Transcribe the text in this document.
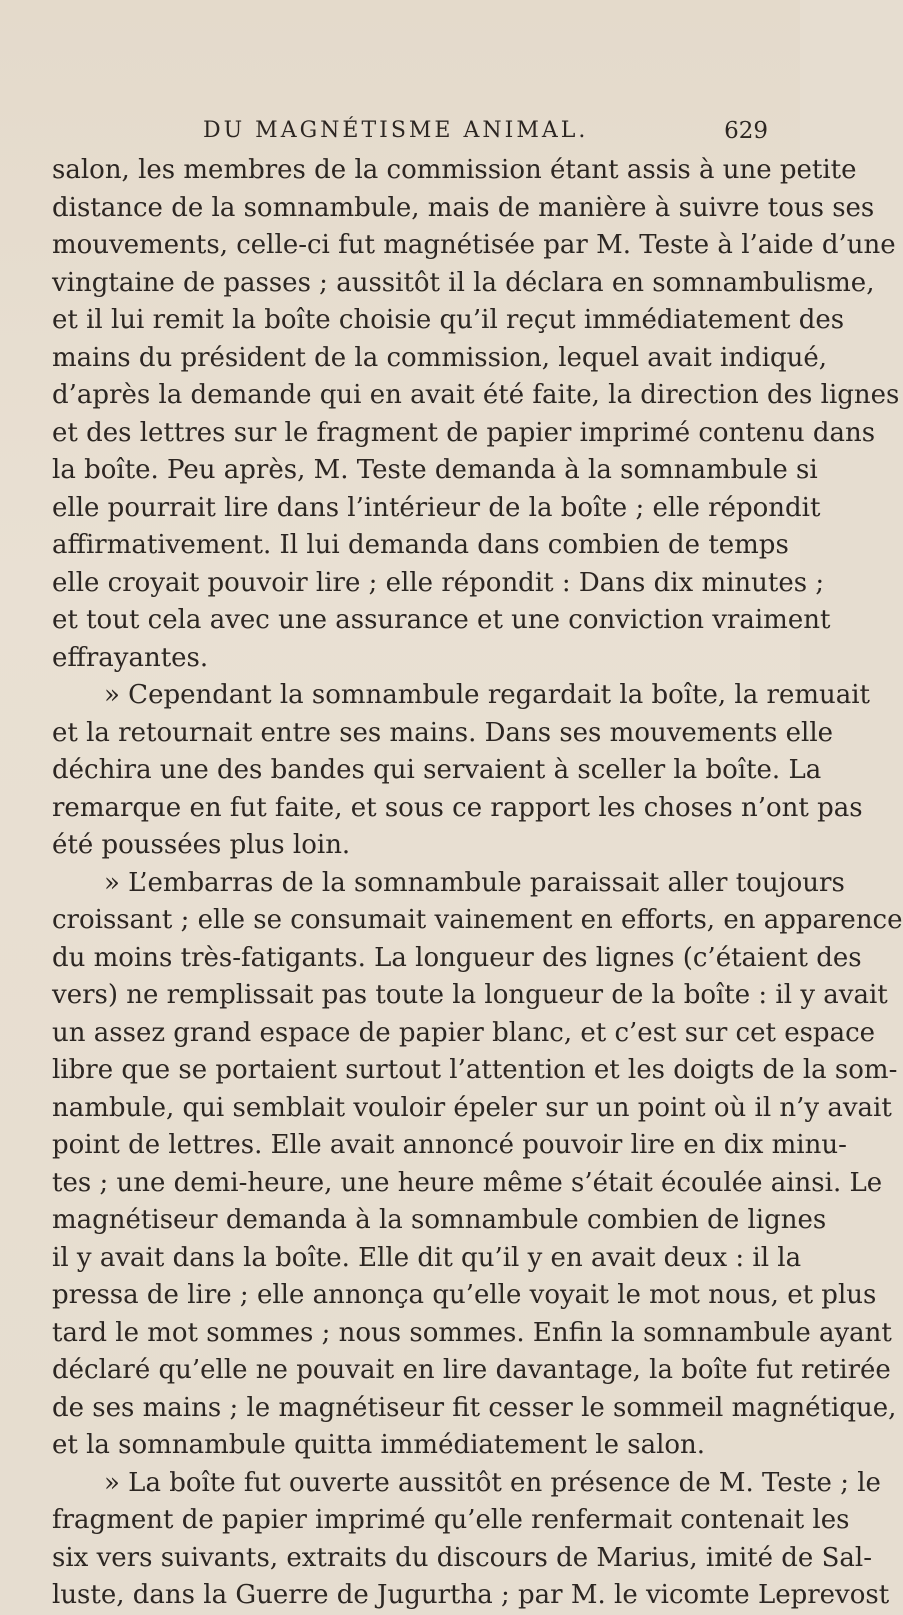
DU MAGNÉTISME ANIMAL.	629
salon, les membres de la commission étant assis à une petite
distance de la somnambule, mais de manière à suivre tous ses
mouvements, celle-ci fut magnétisée par M. Teste à l’aide d’une
vingtaine de passes ; aussitôt il la déclara en somnambulisme,
et il lui remit la boîte choisie qu’il reçut immédiatement des
mains du président de la commission, lequel avait indiqué,
d’après la demande qui en avait été faite, la direction des lignes
et des lettres sur le fragment de papier imprimé contenu dans
la boîte. Peu après, M. Teste demanda à la somnambule si
elle pourrait lire dans l’intérieur de la boîte ; elle répondit
affirmativement. Il lui demanda dans combien de temps
elle croyait pouvoir lire ; elle répondit : Dans dix minutes ;
et tout cela avec une assurance et une conviction vraiment
effrayantes.
» Cependant la somnambule regardait la boîte, la remuait
et la retournait entre ses mains. Dans ses mouvements elle
déchira une des bandes qui servaient à sceller la boîte. La
remarque en fut faite, et sous ce rapport les choses n’ont pas
été poussées plus loin.
» L’embarras de la somnambule paraissait aller toujours
croissant ; elle se consumait vainement en efforts, en apparence
du moins très-fatigants. La longueur des lignes (c’étaient des
vers) ne remplissait pas toute la longueur de la boîte : il y avait
un assez grand espace de papier blanc, et c’est sur cet espace
libre que se portaient surtout l’attention et les doigts de la som-
nambule, qui semblait vouloir épeler sur un point où il n’y avait
point de lettres. Elle avait annoncé pouvoir lire en dix minu-
tes ; une demi-heure, une heure même s’était écoulée ainsi. Le
magnétiseur demanda à la somnambule combien de lignes
il y avait dans la boîte. Elle dit qu’il y en avait deux : il la
pressa de lire ; elle annonça qu’elle voyait le mot nous, et plus
tard le mot sommes ; nous sommes. Enfin la somnambule ayant
déclaré qu’elle ne pouvait en lire davantage, la boîte fut retirée
de ses mains ; le magnétiseur fit cesser le sommeil magnétique,
et la somnambule quitta immédiatement le salon.
» La boîte fut ouverte aussitôt en présence de M. Teste ; le
fragment de papier imprimé qu’elle renfermait contenait les
six vers suivants, extraits du discours de Marius, imité de Sal-
luste, dans la Guerre de Jugurtha ; par M. le vicomte Leprevost
